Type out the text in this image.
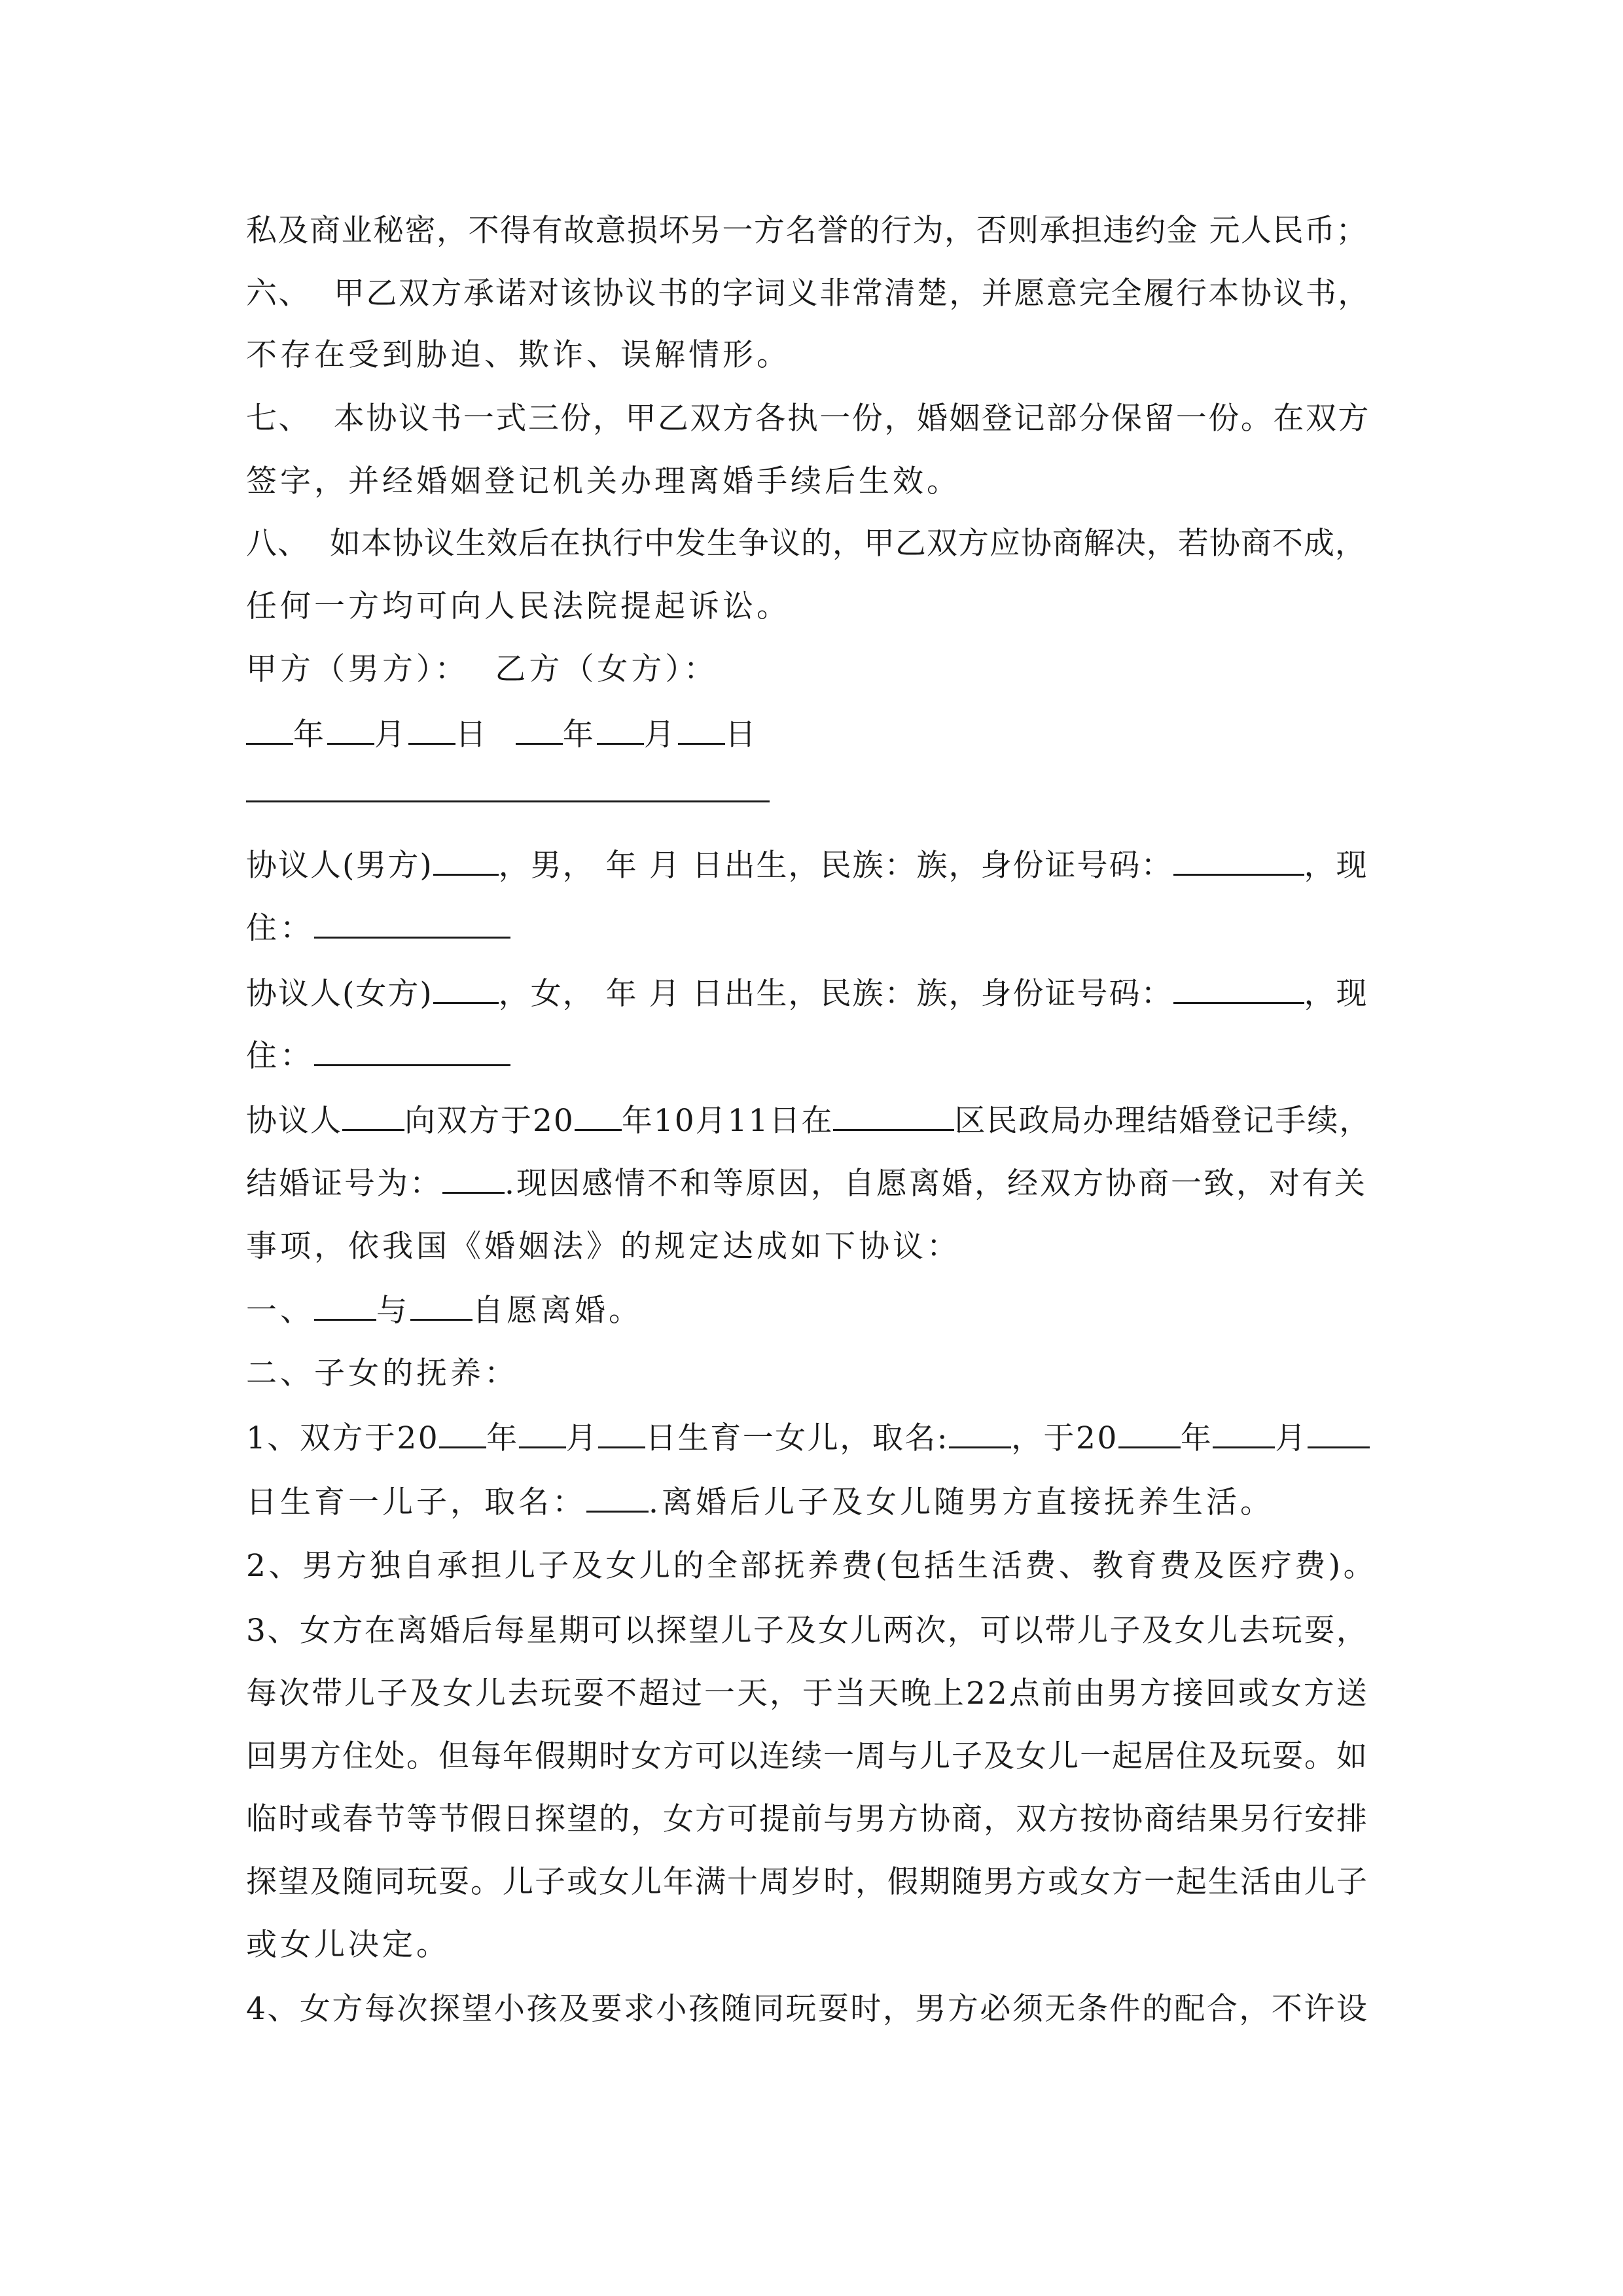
私及商业秘密，不得有故意损坏另一方名誉的行为，否则承担违约金 元人民币；
六、  甲乙双方承诺对该协议书的字词义非常清楚，并愿意完全履行本协议书，
不存在受到胁迫、欺诈、误解情形。
七、  本协议书一式三份，甲乙双方各执一份，婚姻登记部分保留一份。在双方
签字，并经婚姻登记机关办理离婚手续后生效。
八、  如本协议生效后在执行中发生争议的，甲乙双方应协商解决，若协商不成，
任何一方均可向人民法院提起诉讼。
甲方（男方）：  乙方（女方）：
年 月 日 年 月 日
协议人(男方) ，男， 年 月 日出生，民族：族，身份证号码：	，现
住：
协议人(女方) ，女， 年 月 日出生，民族：族，身份证号码：	，现
住：
协议人 向双方于20 年10月11日在	区民政局办理结婚登记手续，
结婚证号为： .现因感情不和等原因，自愿离婚，经双方协商一致，对有关
事项，依我国《婚姻法》的规定达成如下协议：
一、 与 自愿离婚。
二、子女的抚养：
1、双方于20 年 月 日生育一女儿，取名: ，于20 年 月
日生育一儿子，取名： .离婚后儿子及女儿随男方直接抚养生活。
2、男方独自承担儿子及女儿的全部抚养费(包括生活费、教育费及医疗费)。
3、女方在离婚后每星期可以探望儿子及女儿两次，可以带儿子及女儿去玩耍，
每次带儿子及女儿去玩耍不超过一天，于当天晚上22点前由男方接回或女方送
回男方住处。但每年假期时女方可以连续一周与儿子及女儿一起居住及玩耍。如
临时或春节等节假日探望的，女方可提前与男方协商，双方按协商结果另行安排
探望及随同玩耍。儿子或女儿年满十周岁时，假期随男方或女方一起生活由儿子
或女儿决定。
4、女方每次探望小孩及要求小孩随同玩耍时，男方必须无条件的配合，不许设
